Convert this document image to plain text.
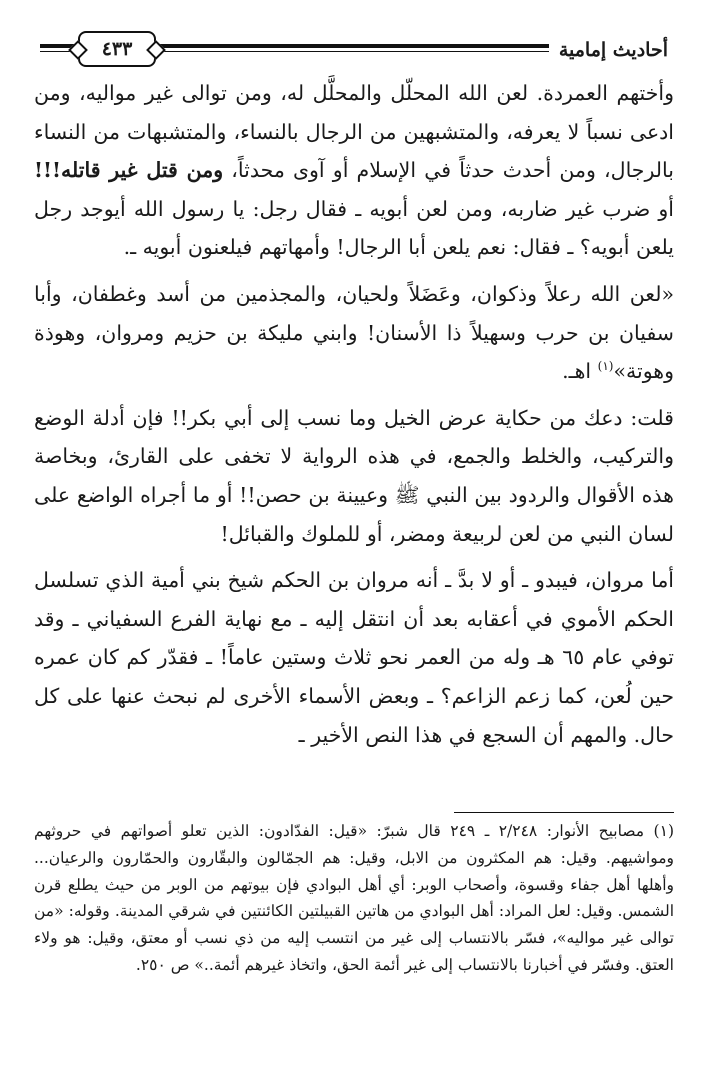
أحاديث إمامية
٤٣٣

وأختهم العمردة. لعن الله المحلّل والمحلَّل له، ومن توالى غير مواليه، ومن ادعى نسباً لا يعرفه، والمتشبهين من الرجال بالنساء، والمتشبهات من النساء بالرجال، ومن أحدث حدثاً في الإسلام أو آوى محدثاً، ومن قتل غير قاتله!!! أو ضرب غير ضاربه، ومن لعن أبويه ـ فقال رجل: يا رسول الله أيوجد رجل يلعن أبويه؟ ـ فقال: نعم يلعن أبا الرجال! وأمهاتهم فيلعنون أبويه ـ.

«لعن الله رعلاً وذكوان، وعَضَلاً ولحيان، والمجذمين من أسد وغطفان، وأبا سفيان بن حرب وسهيلاً ذا الأسنان! وابني مليكة بن حزيم ومروان، وهوذة وهوتة»$^{(١)}$ اهـ.

قلت: دعك من حكاية عرض الخيل وما نسب إلى أبي بكر!! فإن أدلة الوضع والتركيب، والخلط والجمع، في هذه الرواية لا تخفى على القارئ، وبخاصة هذه الأقوال والردود بين النبي ﷺ وعيينة بن حصن!! أو ما أجراه الواضع على لسان النبي من لعن لربيعة ومضر، أو للملوك والقبائل!

أما مروان، فيبدو ـ أو لا بدَّ ـ أنه مروان بن الحكم شيخ بني أمية الذي تسلسل الحكم الأموي في أعقابه بعد أن انتقل إليه ـ مع نهاية الفرع السفياني ـ وقد توفي عام ٦٥ هـ وله من العمر نحو ثلاث وستين عاماً! ـ فقدّر كم كان عمره حين لُعن، كما زعم الزاعم؟ ـ وبعض الأسماء الأخرى لم نبحث عنها على كل حال. والمهم أن السجع في هذا النص الأخير ـ

(١) مصابيح الأنوار: ٢/٢٤٨ ـ ٢٤٩ قال شبرّ: «قيل: الفدّادون: الذين تعلو أصواتهم في حروثهم ومواشيهم. وقيل: هم المكثرون من الابل، وقيل: هم الجمّالون والبقّارون والحمّارون والرعيان... وأهلها أهل جفاء وقسوة، وأصحاب الوبر: أي أهل البوادي فإن بيوتهم من الوبر من حيث يطلع قرن الشمس. وقيل: لعل المراد: أهل البوادي من هاتين القبيلتين الكائنتين في شرقي المدينة. وقوله: «من توالى غير مواليه»، فسّر بالانتساب إلى غير من انتسب إليه من ذي نسب أو معتق، وقيل: هو ولاء العتق. وفسّر في أخبارنا بالانتساب إلى غير أئمة الحق، واتخاذ غيرهم أئمة..» ص ٢٥٠.
